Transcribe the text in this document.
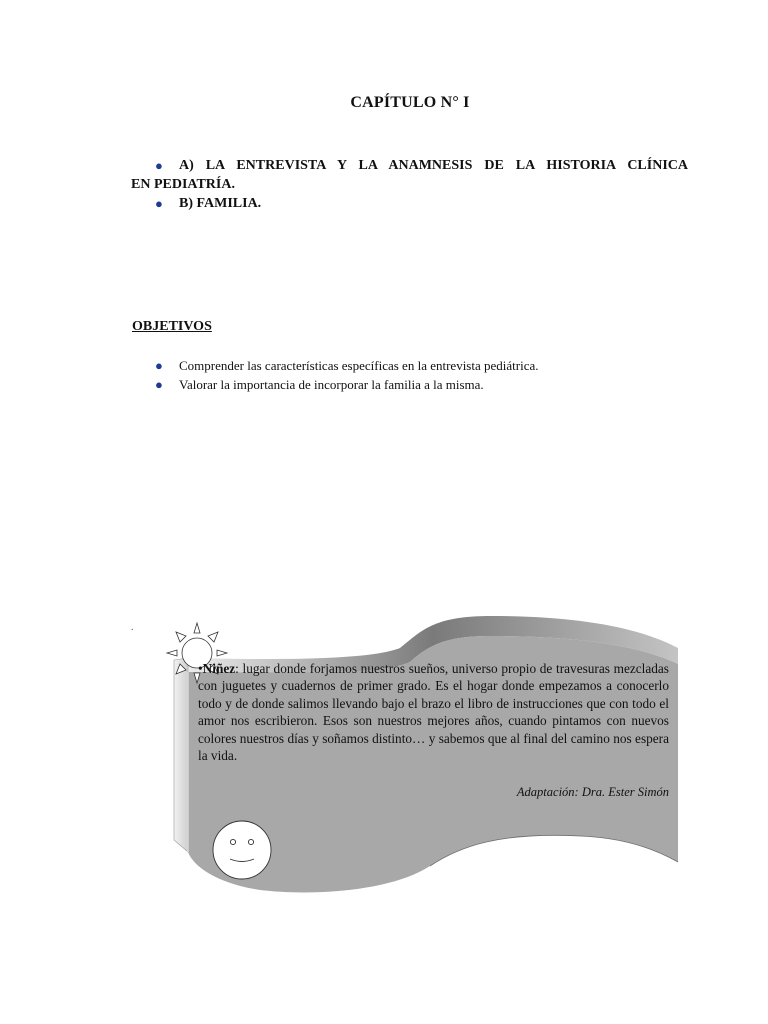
CAPÍTULO N° I
●	A) LA ENTREVISTA Y LA ANAMNESIS DE LA HISTORIA CLÍNICA
EN PEDIATRÍA.
●	B) FAMILIA.
OBJETIVOS
● Comprender las características específicas en la entrevista pediátrica.
● Valorar la importancia de incorporar la familia a la misma.
.
•Niñez: lugar donde forjamos nuestros sueños, universo propio de travesuras mezcladas con juguetes y cuadernos de primer grado. Es el hogar donde empezamos a conocerlo todo y de donde salimos llevando bajo el brazo el libro de instrucciones que con todo el amor nos escribieron. Esos son nuestros mejores años, cuando pintamos con nuevos colores nuestros días y soñamos distinto… y sabemos que al final del camino nos espera la vida.
Adaptación: Dra. Ester Simón
